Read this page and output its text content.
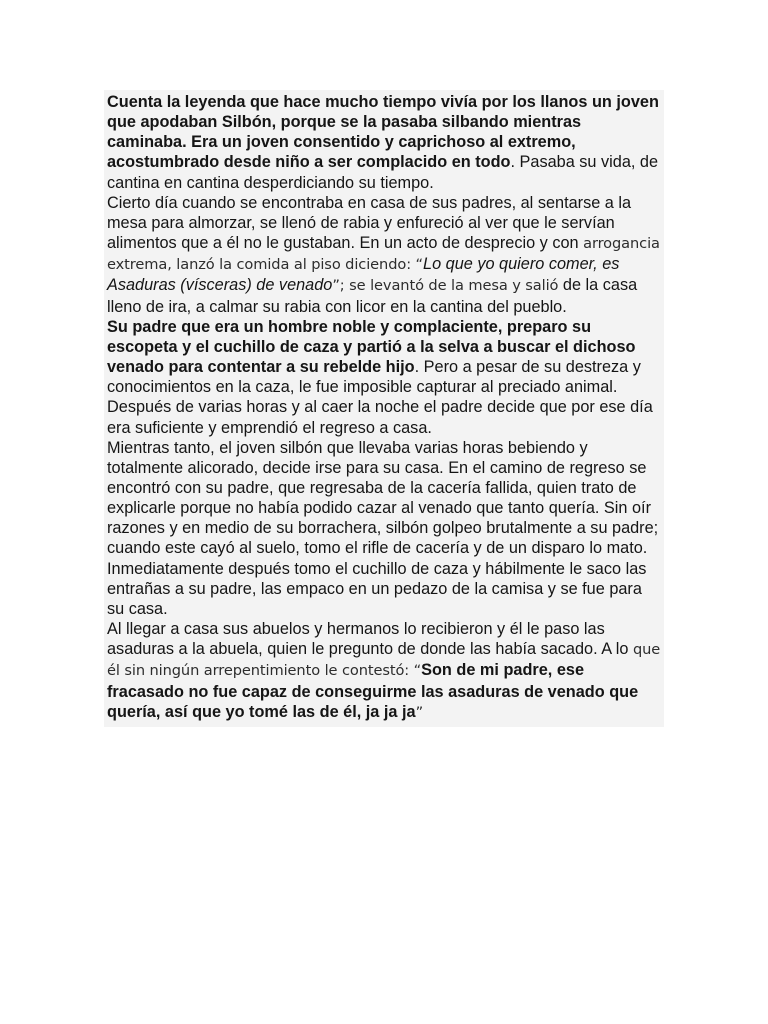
Cuenta la leyenda que hace mucho tiempo vivía por los llanos un joven que apodaban Silbón, porque se la pasaba silbando mientras caminaba. Era un joven consentido y caprichoso al extremo, acostumbrado desde niño a ser complacido en todo. Pasaba su vida, de cantina en cantina desperdiciando su tiempo.

Cierto día cuando se encontraba en casa de sus padres, al sentarse a la mesa para almorzar, se llenó de rabia y enfureció al ver que le servían alimentos que a él no le gustaban. En un acto de desprecio y con arrogancia extrema, lanzó la comida al piso diciendo: “Lo que yo quiero comer, es Asaduras (vísceras) de venado”; se levantó de la mesa y salió de la casa lleno de ira, a calmar su rabia con licor en la cantina del pueblo.

Su padre que era un hombre noble y complaciente, preparo su escopeta y el cuchillo de caza y partió a la selva a buscar el dichoso venado para contentar a su rebelde hijo. Pero a pesar de su destreza y conocimientos en la caza, le fue imposible capturar al preciado animal. Después de varias horas y al caer la noche el padre decide que por ese día era suficiente y emprendió el regreso a casa.

Mientras tanto, el joven silbón que llevaba varias horas bebiendo y totalmente alicorado, decide irse para su casa. En el camino de regreso se encontró con su padre, que regresaba de la cacería fallida, quien trato de explicarle porque no había podido cazar al venado que tanto quería. Sin oír razones y en medio de su borrachera, silbón golpeo brutalmente a su padre; cuando este cayó al suelo, tomo el rifle de cacería y de un disparo lo mato. Inmediatamente después tomo el cuchillo de caza y hábilmente le saco las entrañas a su padre, las empaco en un pedazo de la camisa y se fue para su casa.

Al llegar a casa sus abuelos y hermanos lo recibieron y él le paso las asaduras a la abuela, quien le pregunto de donde las había sacado. A lo que él sin ningún arrepentimiento le contestó: “Son de mi padre, ese fracasado no fue capaz de conseguirme las asaduras de venado que quería, así que yo tomé las de él, ja ja ja”
